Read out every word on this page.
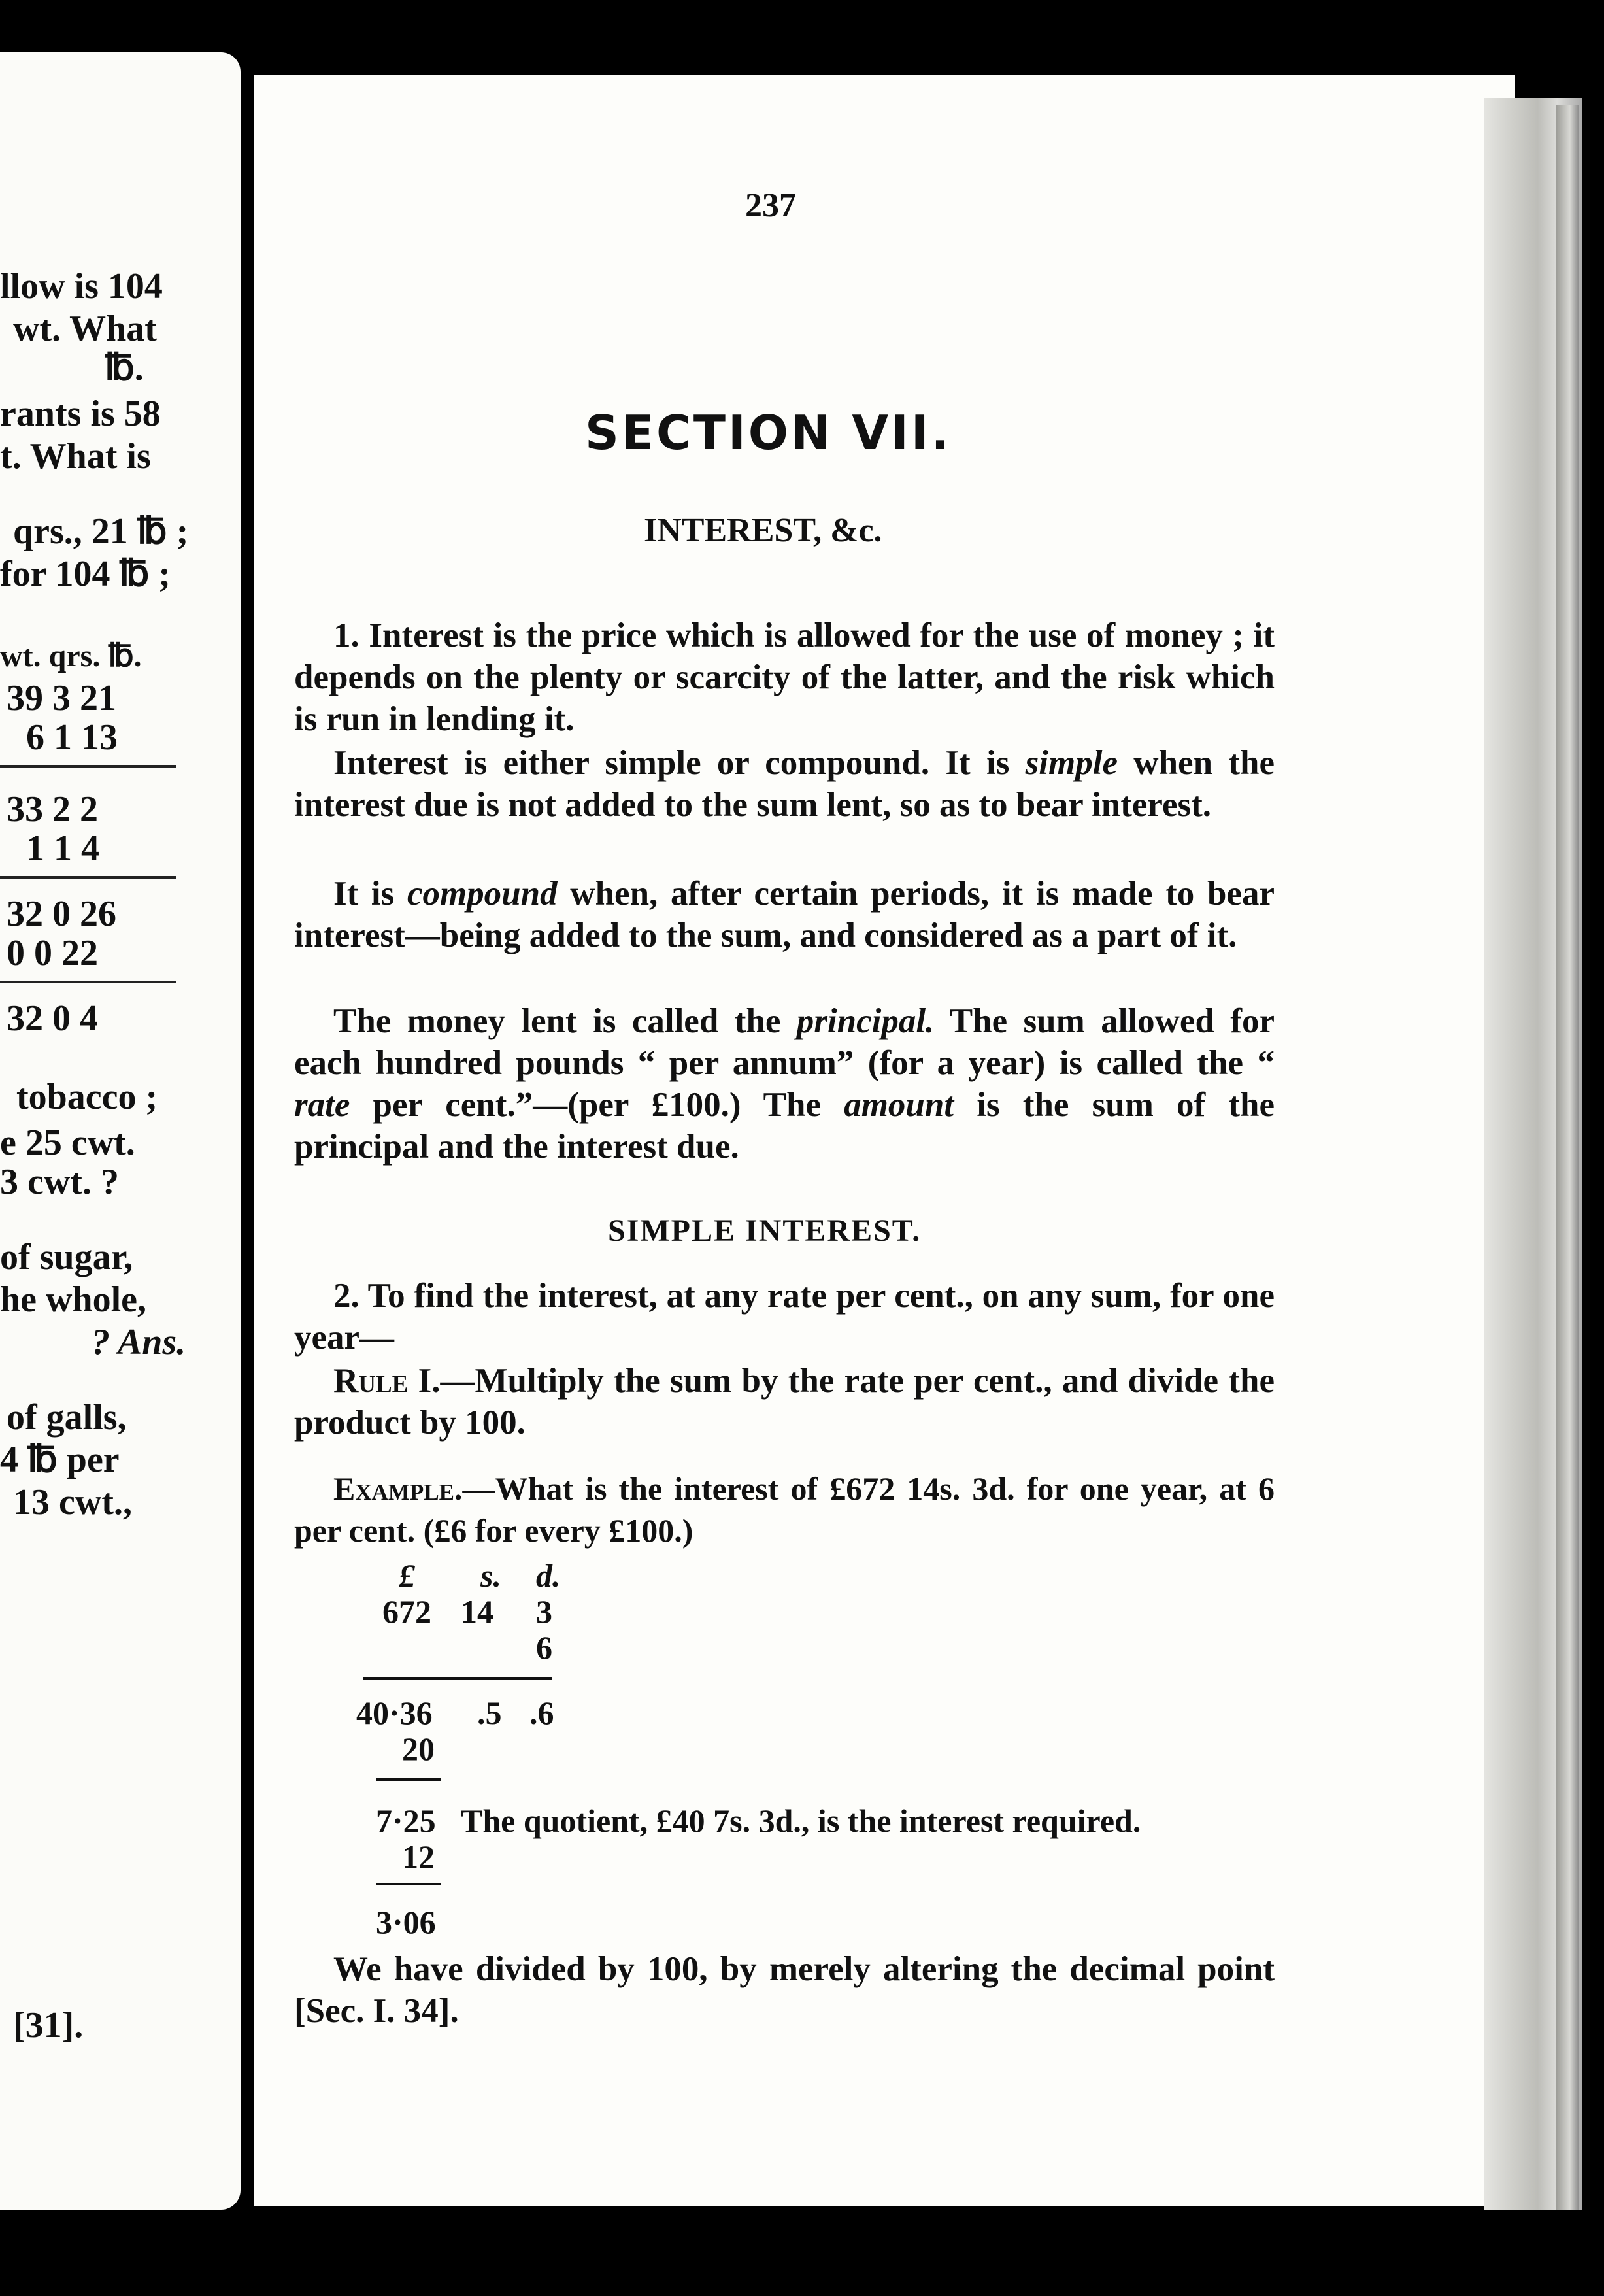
llow is 104
wt. What
℔.
rants is 58
t. What is
qrs., 21 ℔ ;
for 104 ℔ ;
wt. qrs. ℔.
39 3 21
6 1 13
33 2 2
1 1 4
32 0 26
0 0 22
32 0 4
tobacco ;
e 25 cwt.
3 cwt. ?
of sugar,
he whole,
? Ans.
of galls,
4 ℔ per
13 cwt.,
[31].
237
SECTION VII.
INTEREST, &c.
1. Interest is the price which is allowed for the use of money ; it depends on the plenty or scarcity of the latter, and the risk which is run in lending it.
Interest is either simple or compound. It is simple when the interest due is not added to the sum lent, so as to bear interest.
It is compound when, after certain periods, it is made to bear interest—being added to the sum, and considered as a part of it.
The money lent is called the principal. The sum allowed for each hundred pounds “ per annum” (for a year) is called the “ rate per cent.”—(per £100.) The amount is the sum of the principal and the interest due.
SIMPLE INTEREST.
2. To find the interest, at any rate per cent., on any sum, for one year—
Rule I.—Multiply the sum by the rate per cent., and divide the product by 100.
Example.—What is the interest of £672 14s. 3d. for one year, at 6 per cent. (£6 for every £100.)
£ s. d.
672 14 3
6
40·36 .5 .6
20
7·25 The quotient, £40 7s. 3d., is the interest required.
12
3·06
We have divided by 100, by merely altering the decimal point [Sec. I. 34].
